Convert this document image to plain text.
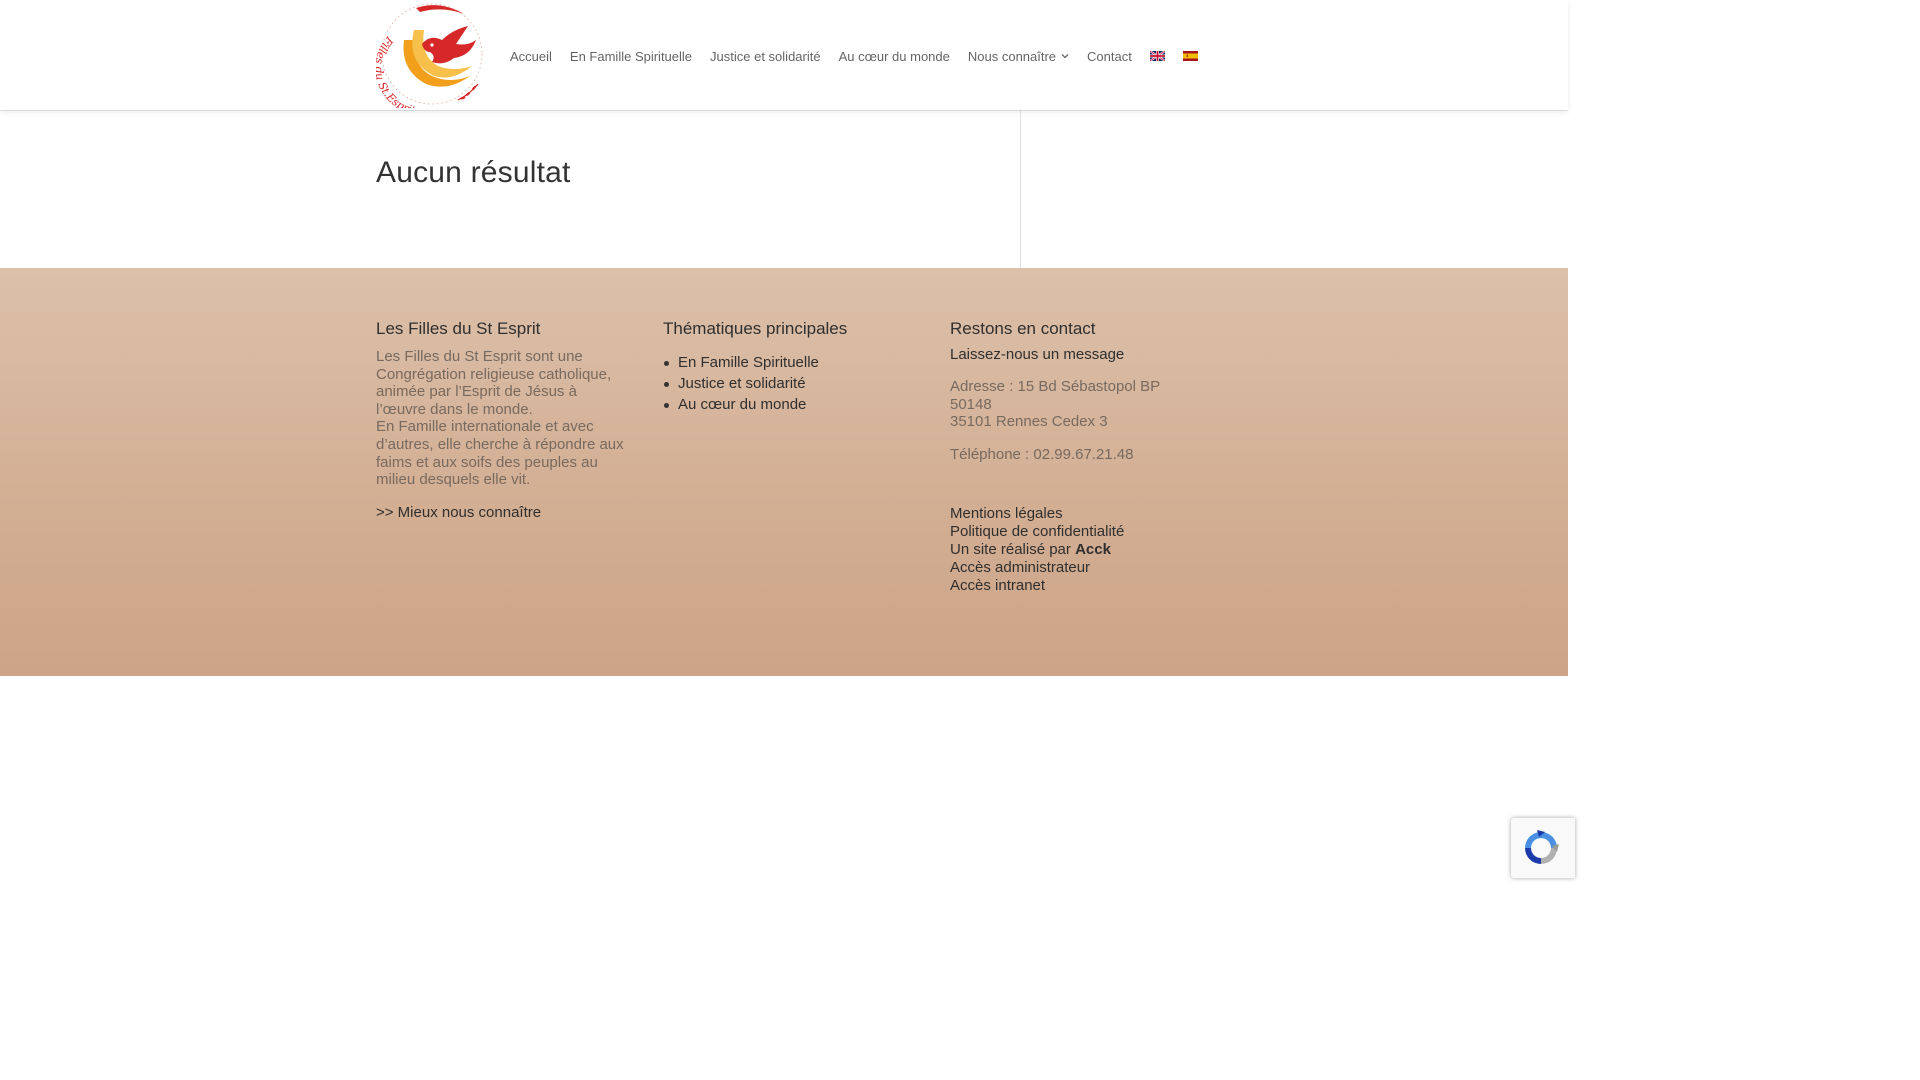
Fill St.Espr
Accueil En Famille Spirituelle Justice et solidarité Au cœur du monde Nous connaître Contact
Aucun résultat
Les Filles du St Esprit

Les Filles du St Esprit sont une Congrégation religieuse catholique, animée par l’Esprit de Jésus à l’œuvre dans le monde.

En Famille internationale et avec d’autres, elle cherche à répondre aux faims et aux soifs des peuples au milieu desquels elle vit.

>> Mieux nous connaître
Thématiques principales
En Famille Spirituelle
Justice et solidarité
Au cœur du monde
Restons en contact
Laissez-nous un message

Adresse : 15 Bd Sébastopol BP
50148
35101 Rennes Cedex 3

Téléphone : 02.99.67.21.48

Mentions légales
Politique de confidentialité
Un site réalisé par Acck
Accès administrateur
Accès intranet
